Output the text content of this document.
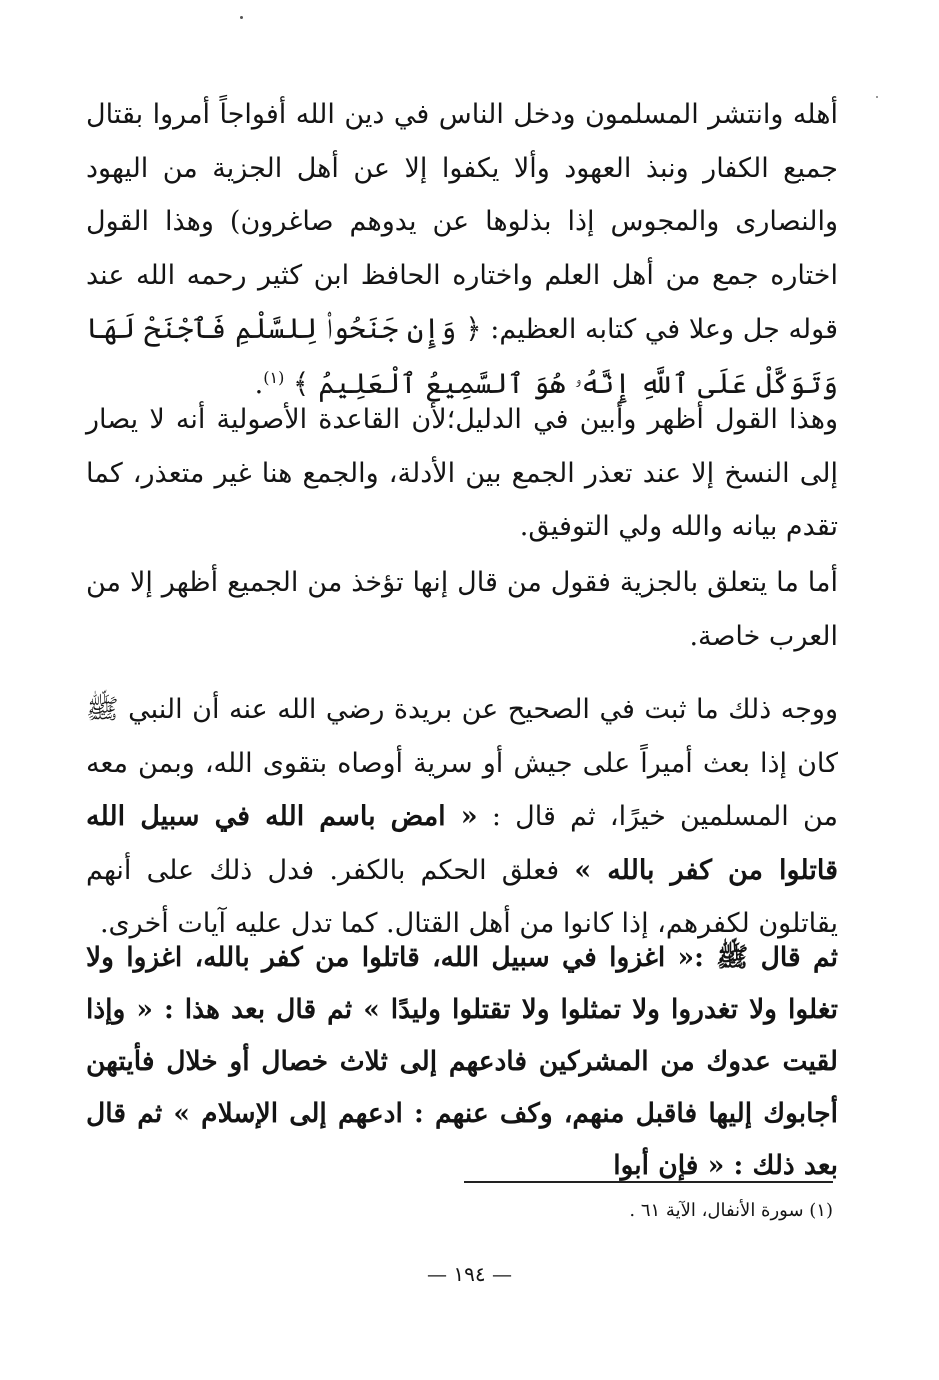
أهله وانتشر المسلمون ودخل الناس في دين الله أفواجاً أمروا بقتال جميع الكفار ونبذ العهود وألا يكفوا إلا عن أهل الجزية من اليهود والنصارى والمجوس إذا بذلوها عن يدوهم صاغرون) وهذا القول اختاره جمع من أهل العلم واختاره الحافظ ابن كثير رحمه الله عند قوله جل وعلا في كتابه العظيم: ﴿ وَإِن جَنَحُوا۟ لِلسَّلْمِ فَٱجْنَحْ لَهَا وَتَوَكَّلْ عَلَى ٱللَّهِ إِنَّهُۥ هُوَ ٱلسَّمِيعُ ٱلْعَلِيمُ ﴾ $^{(١)}$.

وهذا القول أظهر وأبين في الدليل؛لأن القاعدة الأصولية أنه لا يصار إلى النسخ إلا عند تعذر الجمع بين الأدلة، والجمع هنا غير متعذر، كما تقدم بيانه والله ولي التوفيق.

أما ما يتعلق بالجزية فقول من قال إنها تؤخذ من الجميع أظهر إلا من العرب خاصة.

ووجه ذلك ما ثبت في الصحيح عن بريدة رضي الله عنه أن النبي ﷺ كان إذا بعث أميراً على جيش أو سرية أوصاه بتقوى الله، وبمن معه من المسلمين خيرًا، ثم قال : « امض باسم الله في سبيل الله قاتلوا من كفر بالله » فعلق الحكم بالكفر. فدل ذلك على أنهم يقاتلون لكفرهم، إذا كانوا من أهل القتال. كما تدل عليه آيات أخرى.

ثم قال ﷺ :« اغزوا في سبيل الله، قاتلوا من كفر بالله، اغزوا ولا تغلوا ولا تغدروا ولا تمثلوا ولا تقتلوا وليدًا » ثم قال بعد هذا : « وإذا لقيت عدوك من المشركين فادعهم إلى ثلاث خصال أو خلال فأيتهن أجابوك إليها فاقبل منهم، وكف عنهم : ادعهم إلى الإسلام » ثم قال بعد ذلك : « فإن أبوا

(١) سورة الأنفال، الآية ٦١ .
— ١٩٤ —
